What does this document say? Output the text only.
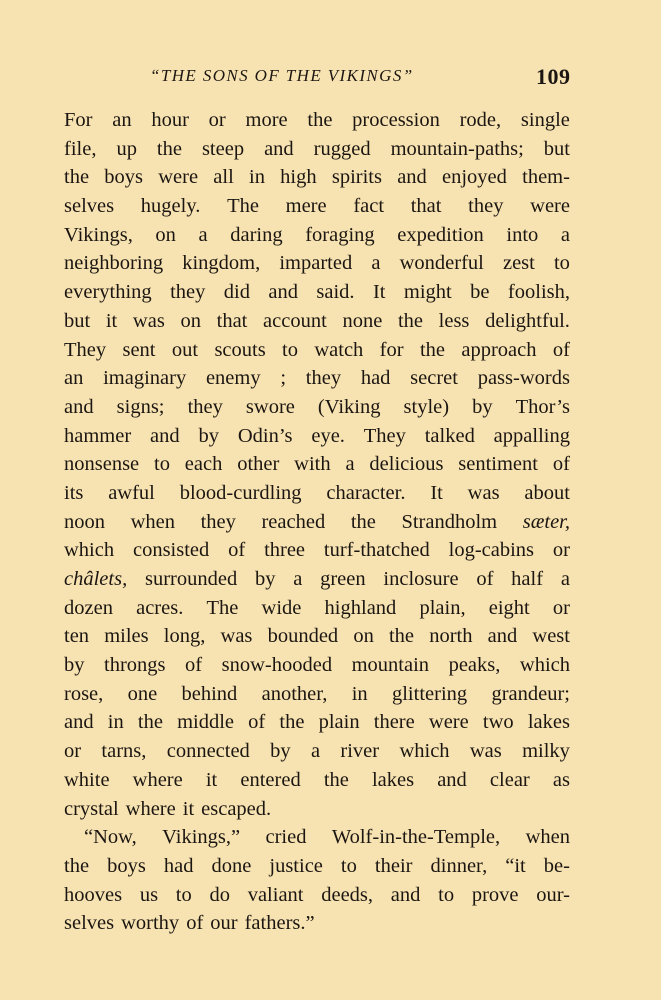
“THE SONS OF THE VIKINGS”	109
For an hour or more the procession rode, single
file, up the steep and rugged mountain-paths; but
the boys were all in high spirits and enjoyed them-
selves hugely. The mere fact that they were
Vikings, on a daring foraging expedition into a
neighboring kingdom, imparted a wonderful zest to
everything they did and said. It might be foolish,
but it was on that account none the less delightful.
They sent out scouts to watch for the approach of
an imaginary enemy ; they had secret pass-words
and signs; they swore (Viking style) by Thor’s
hammer and by Odin’s eye. They talked appalling
nonsense to each other with a delicious sentiment of
its awful blood-curdling character. It was about
noon when they reached the Strandholm sæter,
which consisted of three turf-thatched log-cabins or
châlets, surrounded by a green inclosure of half a
dozen acres. The wide highland plain, eight or
ten miles long, was bounded on the north and west
by throngs of snow-hooded mountain peaks, which
rose, one behind another, in glittering grandeur;
and in the middle of the plain there were two lakes
or tarns, connected by a river which was milky
white where it entered the lakes and clear as
crystal where it escaped.
“Now, Vikings,” cried Wolf-in-the-Temple, when
the boys had done justice to their dinner, “it be-
hooves us to do valiant deeds, and to prove our-
selves worthy of our fathers.”
